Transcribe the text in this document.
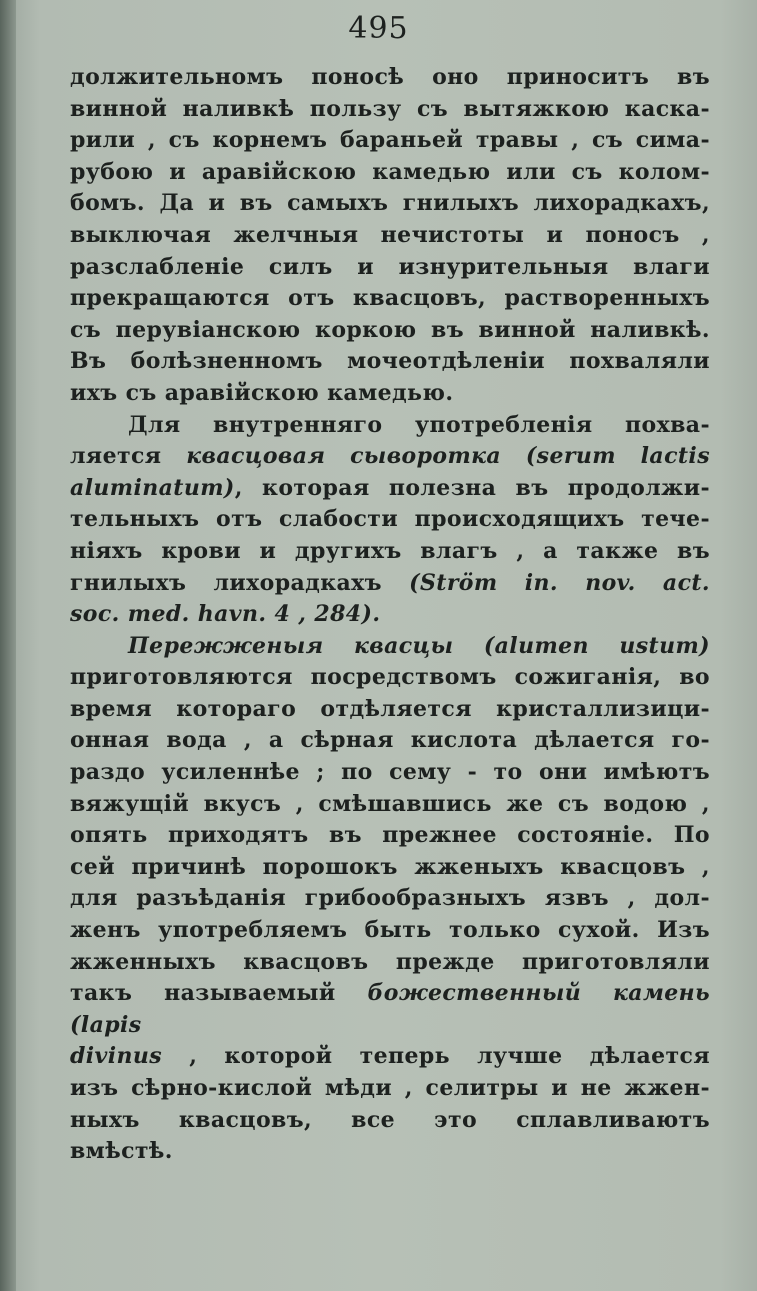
495
должительномъ поносѣ оно приноситъ въ
винной наливкѣ пользу съ вытяжкою каска-
рили , съ корнемъ бараньей травы , съ сима-
рубою и аравійскою камедью или съ колом-
бомъ. Да и въ самыхъ гнилыхъ лихорадкахъ,
выключая желчныя нечистоты и поносъ ,
разслабленіе силъ и изнурительныя влаги
прекращаются отъ квасцовъ, растворенныхъ
съ перувіанскою коркою въ винной наливкѣ.
Въ болѣзненномъ мочеотдѣленіи похваляли
ихъ съ аравійскою камедью.
Для внутренняго употребленія похва-
ляется квасцовая сыворотка (serum lactis
aluminatum), которая полезна въ продолжи-
тельныхъ отъ слабости происходящихъ тече-
ніяхъ крови и другихъ влагъ , а также въ
гнилыхъ лихорадкахъ (Ström in. nov. act.
soc. med. havn. 4 , 284).
Пережженыя квасцы (alumen ustum)
приготовляются посредствомъ сожиганія, во
время котораго отдѣляется кристаллизици-
онная вода , а сѣрная кислота дѣлается го-
раздо усиленнѣе ; по сему - то они имѣютъ
вяжущій вкусъ , смѣшавшись же съ водою ,
опять приходятъ въ прежнее состояніе. По
сей причинѣ порошокъ жженыхъ квасцовъ ,
для разъѣданія грибообразныхъ язвъ , дол-
женъ употребляемъ быть только сухой. Изъ
жженныхъ квасцовъ прежде приготовляли
такъ называемый божественный камень (lapis
divinus , которой теперь лучше дѣлается
изъ сѣрно-кислой мѣди , селитры и не жжен-
ныхъ квасцовъ, все это сплавливаютъ
вмѣстѣ.
